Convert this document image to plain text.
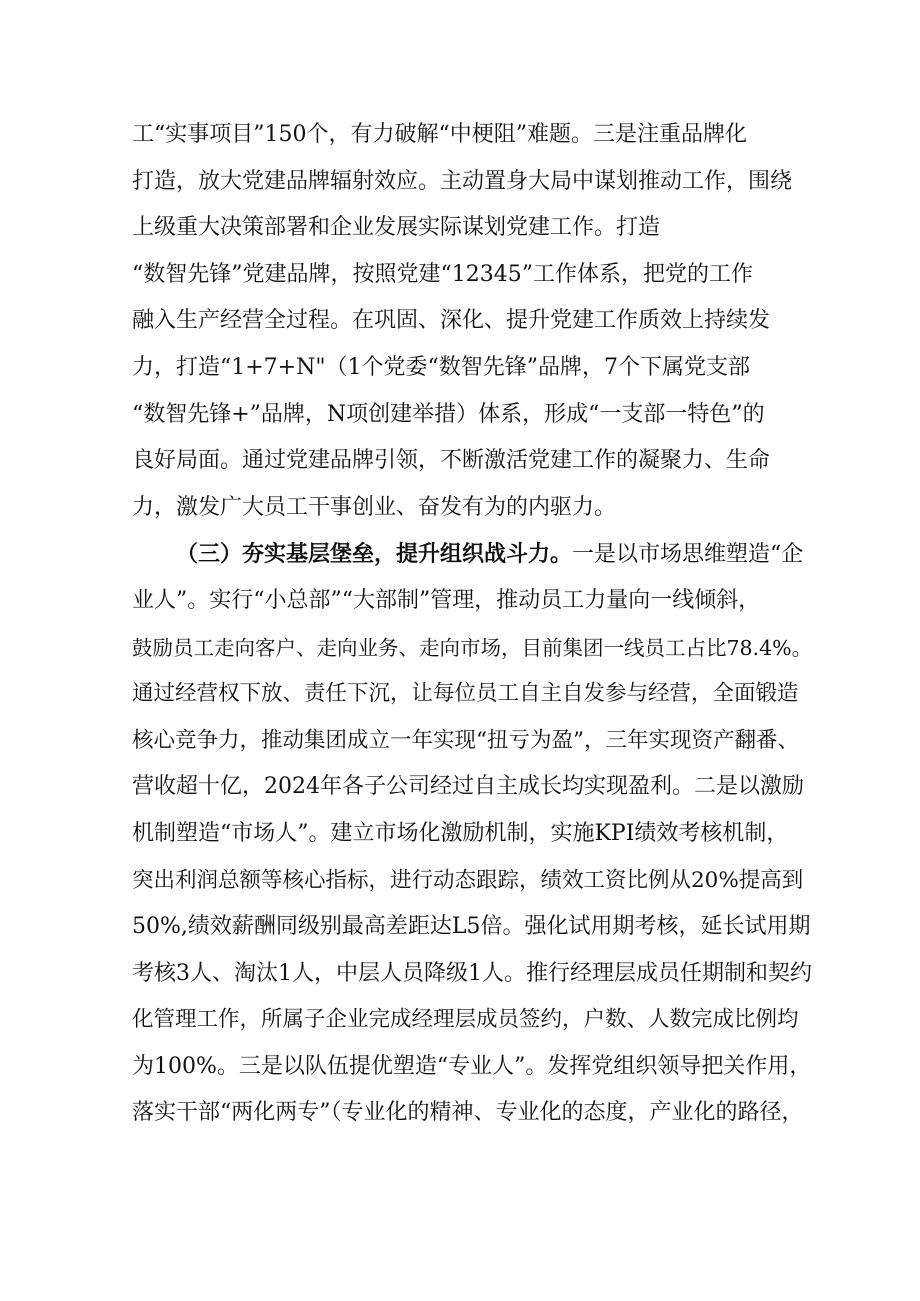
工“实事项目”150个，有力破解“中梗阻”难题。三是注重品牌化
打造，放大党建品牌辐射效应。主动置身大局中谋划推动工作，围绕
上级重大决策部署和企业发展实际谋划党建工作。打造
“数智先锋”党建品牌，按照党建“12345”工作体系，把党的工作
融入生产经营全过程。在巩固、深化、提升党建工作质效上持续发
力，打造“1+7+N"（1个党委“数智先锋”品牌，7个下属党支部
“数智先锋+”品牌，N项创建举措）体系，形成“一支部一特色”的
良好局面。通过党建品牌引领，不断激活党建工作的凝聚力、生命
力，激发广大员工干事创业、奋发有为的内驱力。
（三）夯实基层堡垒，提升组织战斗力。一是以市场思维塑造“企
业人”。实行“小总部”“大部制”管理，推动员工力量向一线倾斜，
鼓励员工走向客户、走向业务、走向市场，目前集团一线员工占比78.4%。
通过经营权下放、责任下沉，让每位员工自主自发参与经营，全面锻造
核心竞争力，推动集团成立一年实现“扭亏为盈”，三年实现资产翻番、
营收超十亿，2024年各子公司经过自主成长均实现盈利。二是以激励
机制塑造“市场人”。建立市场化激励机制，实施KPI绩效考核机制，
突出利润总额等核心指标，进行动态跟踪，绩效工资比例从20%提高到
50%,绩效薪酬同级别最高差距达L5倍。强化试用期考核，延长试用期
考核3人、淘汰1人，中层人员降级1人。推行经理层成员任期制和契约
化管理工作，所属子企业完成经理层成员签约，户数、人数完成比例均
为100%。三是以队伍提优塑造“专业人”。发挥党组织领导把关作用，
落实干部“两化两专”（专业化的精神、专业化的态度，产业化的路径，
